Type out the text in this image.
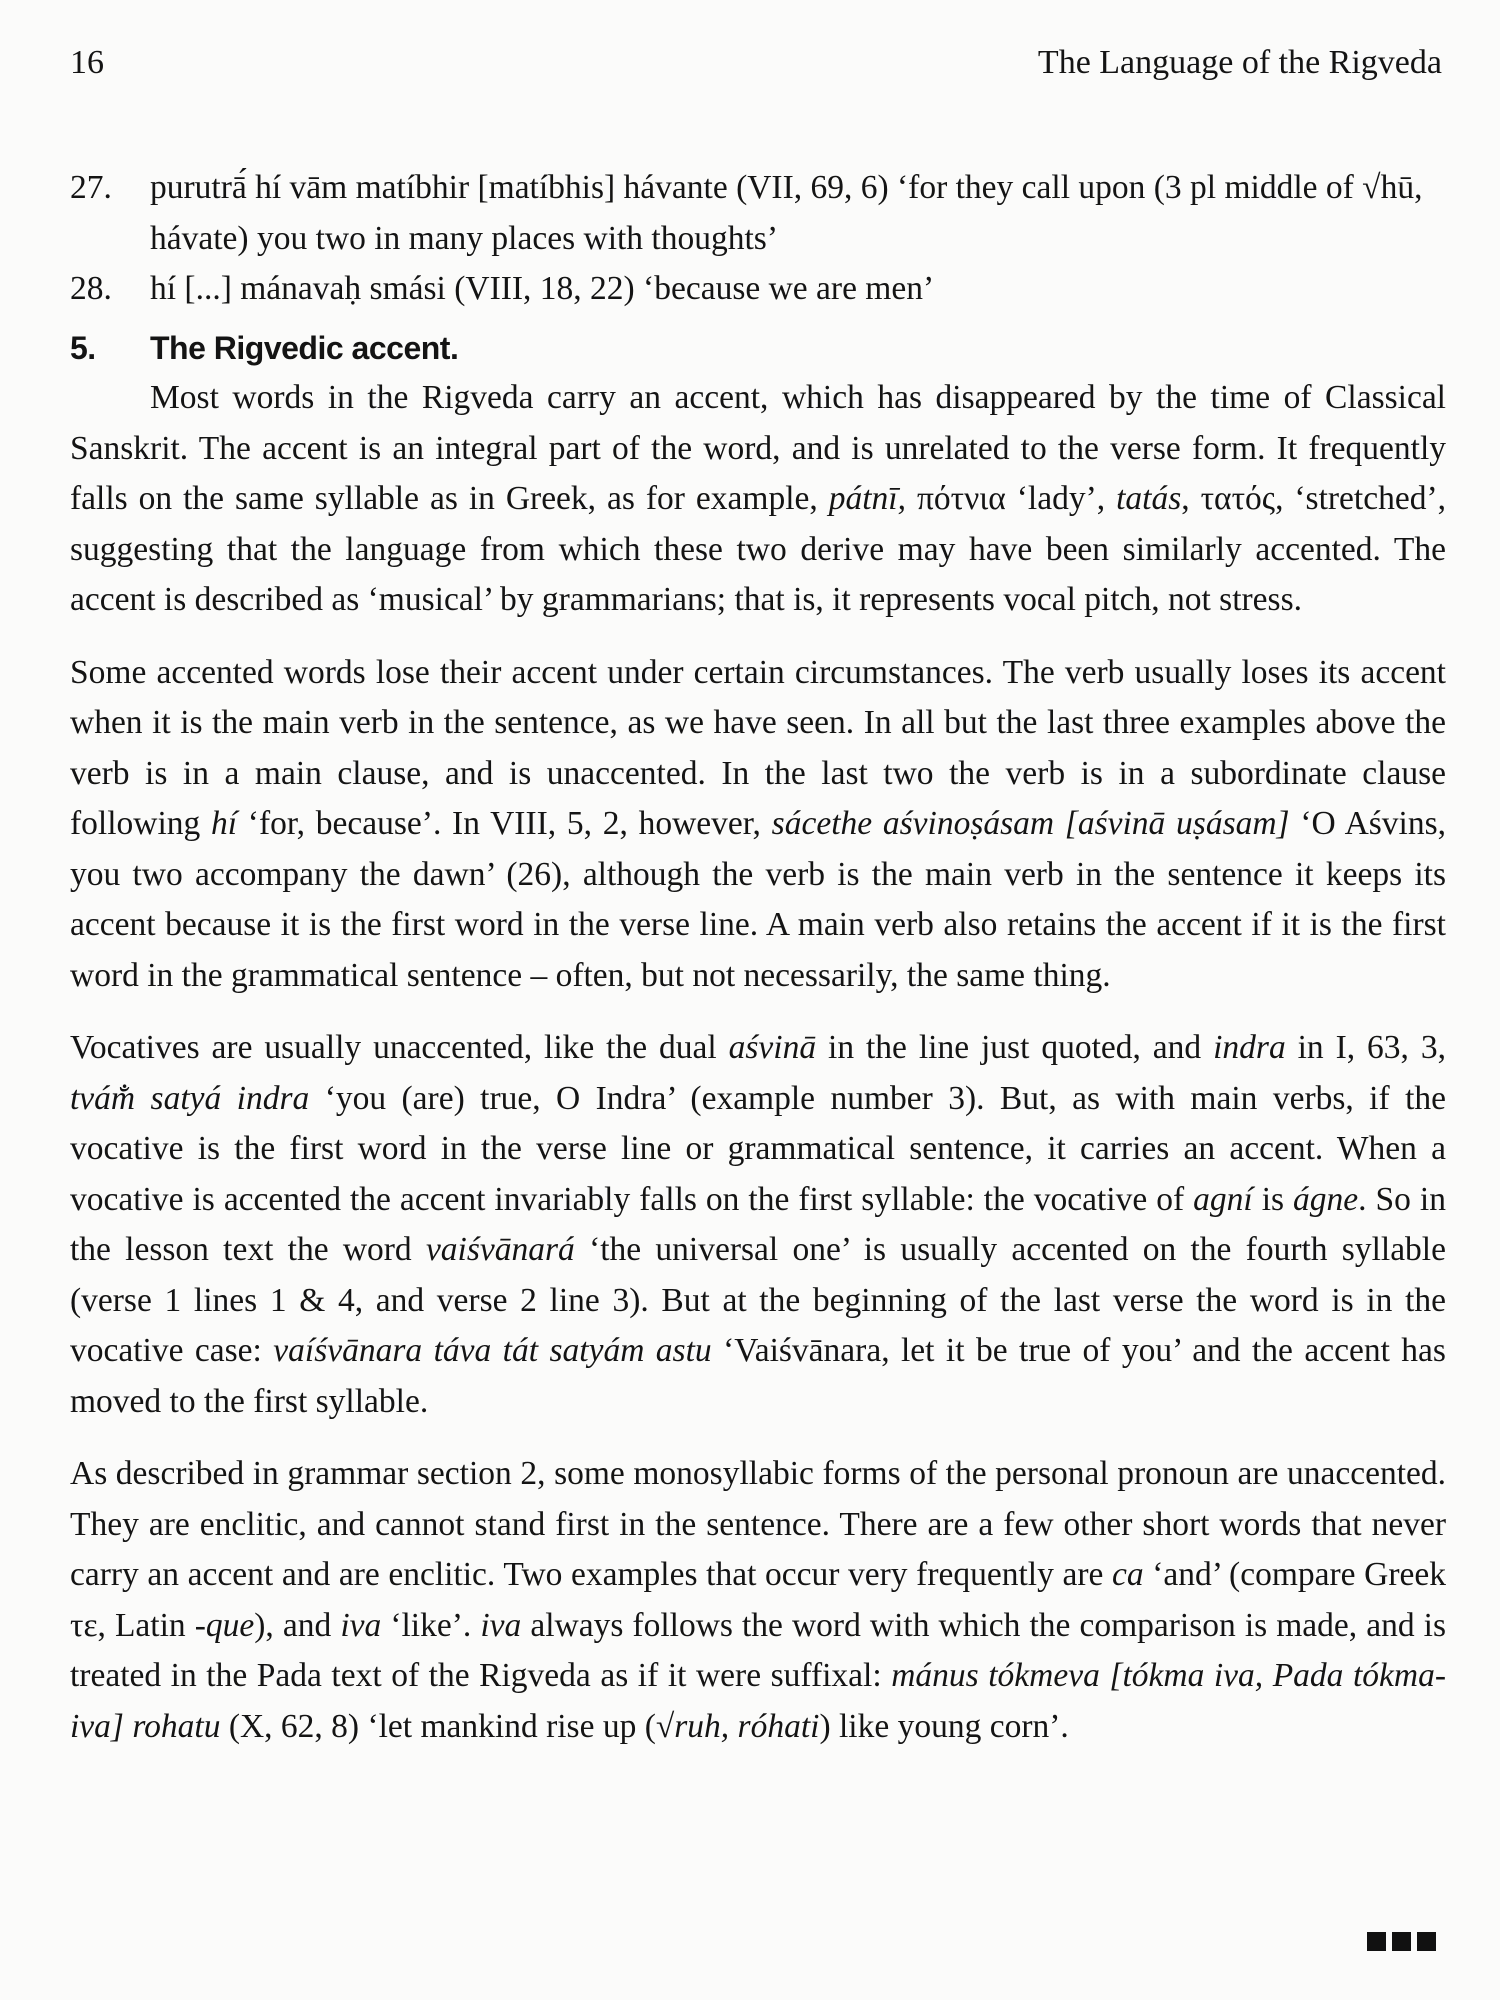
16	The Language of the Rigveda
27.	purutrā́ hí vām matíbhir [matíbhis] hávante (VII, 69, 6) ‘for they call upon (3 pl middle of √hū, hávate) you two in many places with thoughts’
28.	hí [...] mánavaḥ smási (VIII, 18, 22) ‘because we are men’
5. The Rigvedic accent.

Most words in the Rigveda carry an accent, which has disappeared by the time of Classical Sanskrit. The accent is an integral part of the word, and is unrelated to the verse form. It frequently falls on the same syllable as in Greek, as for example, pátnī, πότνια ‘lady’, tatás, τατός, ‘stretched’, suggesting that the language from which these two derive may have been similarly accented. The accent is described as ‘musical’ by grammarians; that is, it represents vocal pitch, not stress.

Some accented words lose their accent under certain circumstances. The verb usually loses its accent when it is the main verb in the sentence, as we have seen. In all but the last three examples above the verb is in a main clause, and is unaccented. In the last two the verb is in a subordinate clause following hí ‘for, because’. In VIII, 5, 2, however, sácethe aśvinoṣásam [aśvinā uṣásam] ‘O Aśvins, you two accompany the dawn’ (26), although the verb is the main verb in the sentence it keeps its accent because it is the first word in the verse line. A main verb also retains the accent if it is the first word in the grammatical sentence – often, but not necessarily, the same thing.

Vocatives are usually unaccented, like the dual aśvinā in the line just quoted, and indra in I, 63, 3, tvám̐ satyá indra ‘you (are) true, O Indra’ (example number 3). But, as with main verbs, if the vocative is the first word in the verse line or grammatical sentence, it carries an accent. When a vocative is accented the accent invariably falls on the first syllable: the vocative of agní is ágne. So in the lesson text the word vaiśvānará ‘the universal one’ is usually accented on the fourth syllable (verse 1 lines 1 & 4, and verse 2 line 3). But at the beginning of the last verse the word is in the vocative case: vaíśvānara táva tát satyám astu ‘Vaiśvānara, let it be true of you’ and the accent has moved to the first syllable.

As described in grammar section 2, some monosyllabic forms of the personal pronoun are unaccented. They are enclitic, and cannot stand first in the sentence. There are a few other short words that never carry an accent and are enclitic. Two examples that occur very frequently are ca ‘and’ (compare Greek τε, Latin -que), and iva ‘like’. iva always follows the word with which the comparison is made, and is treated in the Pada text of the Rigveda as if it were suffixal: mánus tókmeva [tókma iva, Pada tókma-iva] rohatu (X, 62, 8) ‘let mankind rise up (√ruh, róhati) like young corn’.
